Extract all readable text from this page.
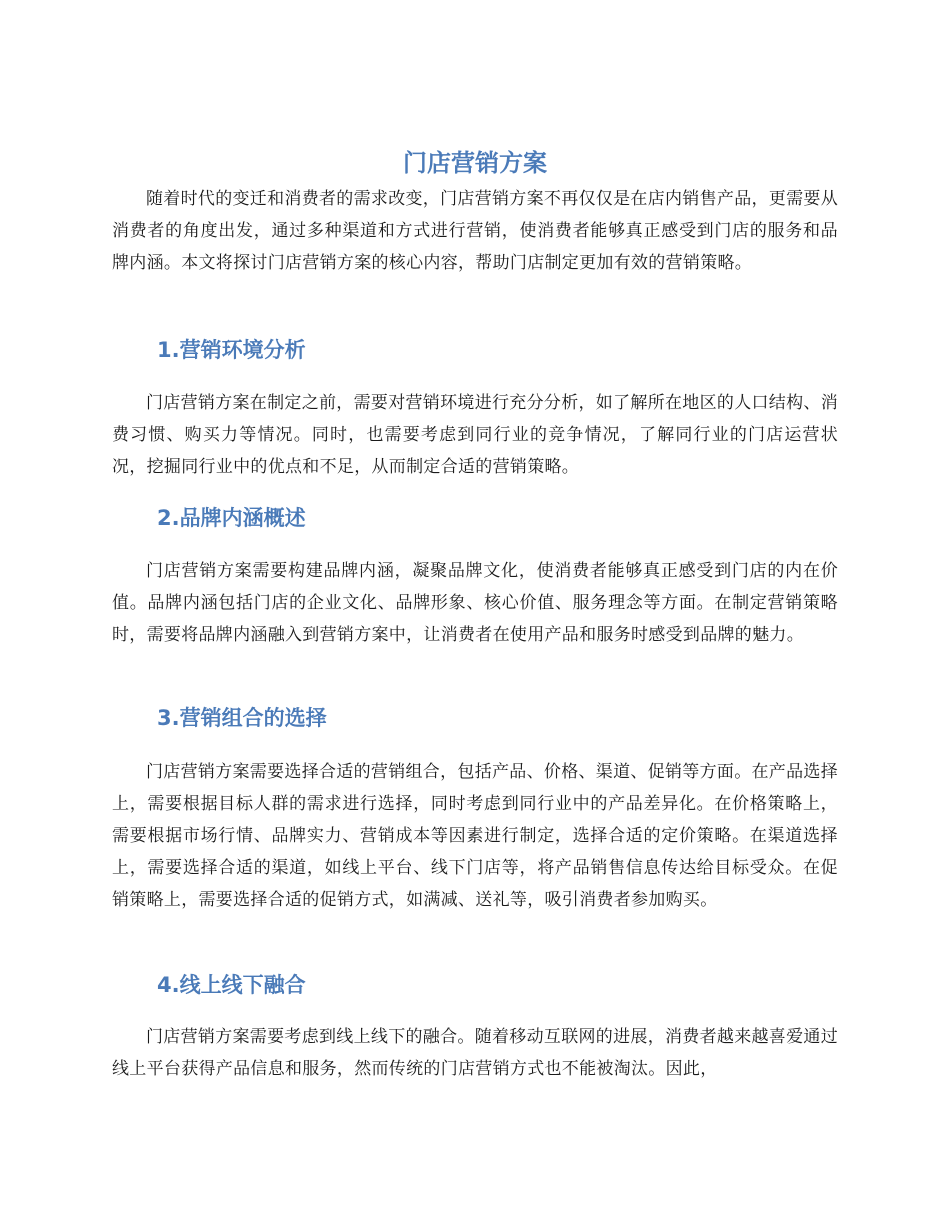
门店营销方案

随着时代的变迁和消费者的需求改变，门店营销方案不再仅仅是在店内销售产品，更需要从消费者的角度出发，通过多种渠道和方式进行营销，使消费者能够真正感受到门店的服务和品牌内涵。本文将探讨门店营销方案的核心内容，帮助门店制定更加有效的营销策略。

1.营销环境分析

门店营销方案在制定之前，需要对营销环境进行充分分析，如了解所在地区的人口结构、消费习惯、购买力等情况。同时，也需要考虑到同行业的竞争情况，了解同行业的门店运营状况，挖掘同行业中的优点和不足，从而制定合适的营销策略。

2.品牌内涵概述

门店营销方案需要构建品牌内涵，凝聚品牌文化，使消费者能够真正感受到门店的内在价值。品牌内涵包括门店的企业文化、品牌形象、核心价值、服务理念等方面。在制定营销策略时，需要将品牌内涵融入到营销方案中，让消费者在使用产品和服务时感受到品牌的魅力。

3.营销组合的选择

门店营销方案需要选择合适的营销组合，包括产品、价格、渠道、促销等方面。在产品选择上，需要根据目标人群的需求进行选择，同时考虑到同行业中的产品差异化。在价格策略上，需要根据市场行情、品牌实力、营销成本等因素进行制定，选择合适的定价策略。在渠道选择上，需要选择合适的渠道，如线上平台、线下门店等，将产品销售信息传达给目标受众。在促销策略上，需要选择合适的促销方式，如满减、送礼等，吸引消费者参加购买。

4.线上线下融合

门店营销方案需要考虑到线上线下的融合。随着移动互联网的进展，消费者越来越喜爱通过线上平台获得产品信息和服务，然而传统的门店营销方式也不能被淘汰。因此，
